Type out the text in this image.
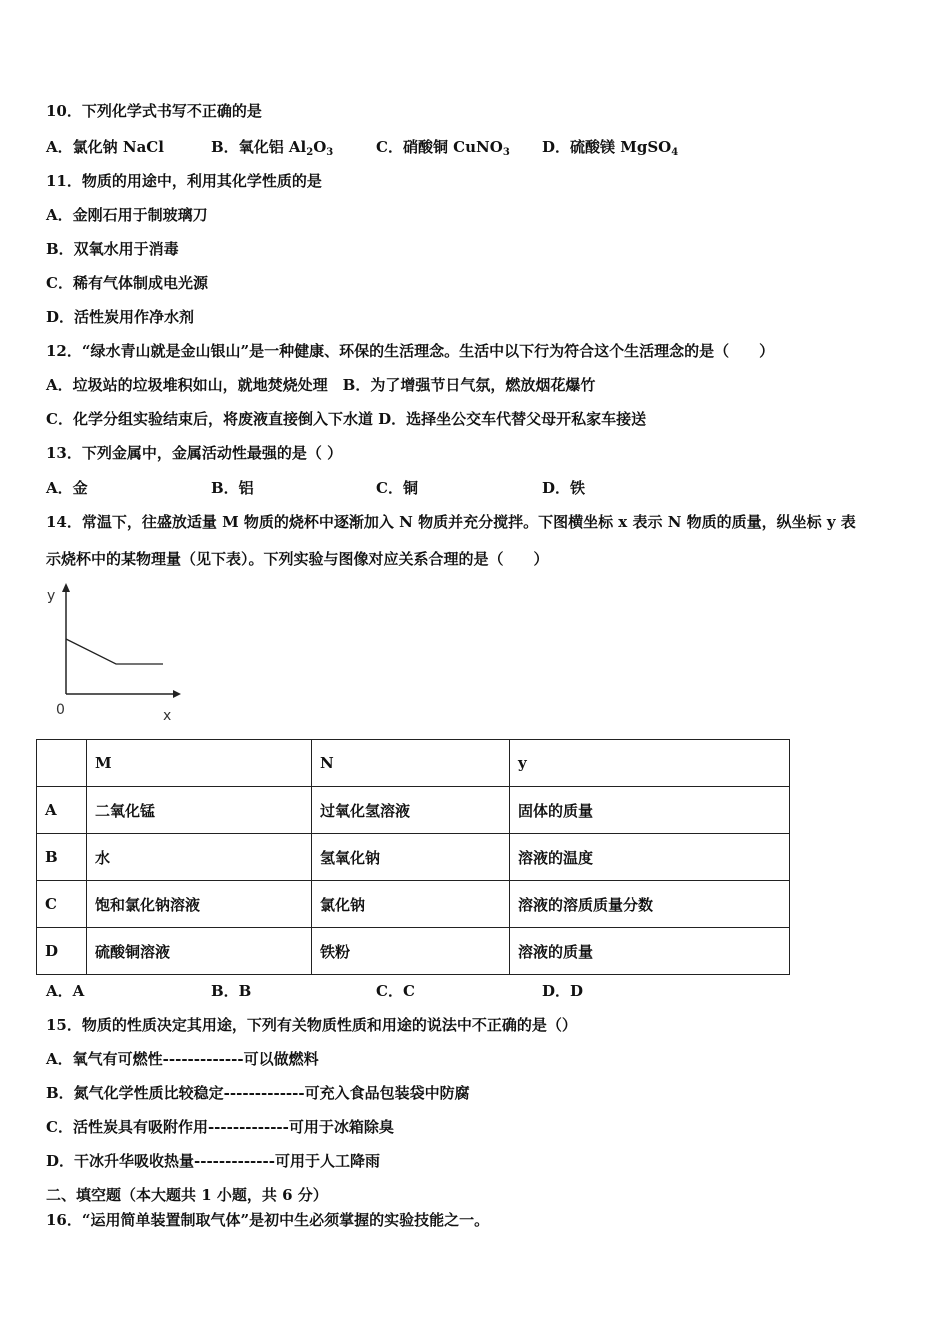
10．下列化学式书写不正确的是
A．氯化钠 NaCl	B．氧化铝 $Al_2O_3$	C．硝酸铜 CuNO$_3$ D．硫酸镁 MgSO$_4$
11．物质的用途中，利用其化学性质的是
A．金刚石用于制玻璃刀
B．双氧水用于消毒
C．稀有气体制成电光源
D．活性炭用作净水剂
12．“绿水青山就是金山银山”是一种健康、环保的生活理念。生活中以下行为符合这个生活理念的是（　　）
A．垃圾站的垃圾堆积如山，就地焚烧处理　B．为了增强节日气氛，燃放烟花爆竹
C．化学分组实验结束后，将废液直接倒入下水道 D．选择坐公交车代替父母开私家车接送
13．下列金属中，金属活动性最强的是（ ）
A．金	B．铝	C．铜	D．铁
14．常温下，往盛放适量 M 物质的烧杯中逐渐加入 N 物质并充分搅拌。下图横坐标 x 表示 N 物质的质量，纵坐标 y 表
示烧杯中的某物理量（见下表）。下列实验与图像对应关系合理的是（　　）
y
x
0
	M	N	y
A	二氧化锰	过氧化氢溶液	固体的质量
B	水	氢氧化钠	溶液的温度
C	饱和氯化钠溶液	氯化钠	溶液的溶质质量分数
D	硫酸铜溶液	铁粉	溶液的质量
A．A	B．B	C．C	D．D
15．物质的性质决定其用途，下列有关物质性质和用途的说法中不正确的是（）
A．氧气有可燃性-------------可以做燃料
B．氮气化学性质比较稳定-------------可充入食品包装袋中防腐
C．活性炭具有吸附作用-------------可用于冰箱除臭
D．干冰升华吸收热量-------------可用于人工降雨
二、填空题（本大题共 1 小题，共 6 分）
16．“运用简单装置制取气体”是初中生必须掌握的实验技能之一。
